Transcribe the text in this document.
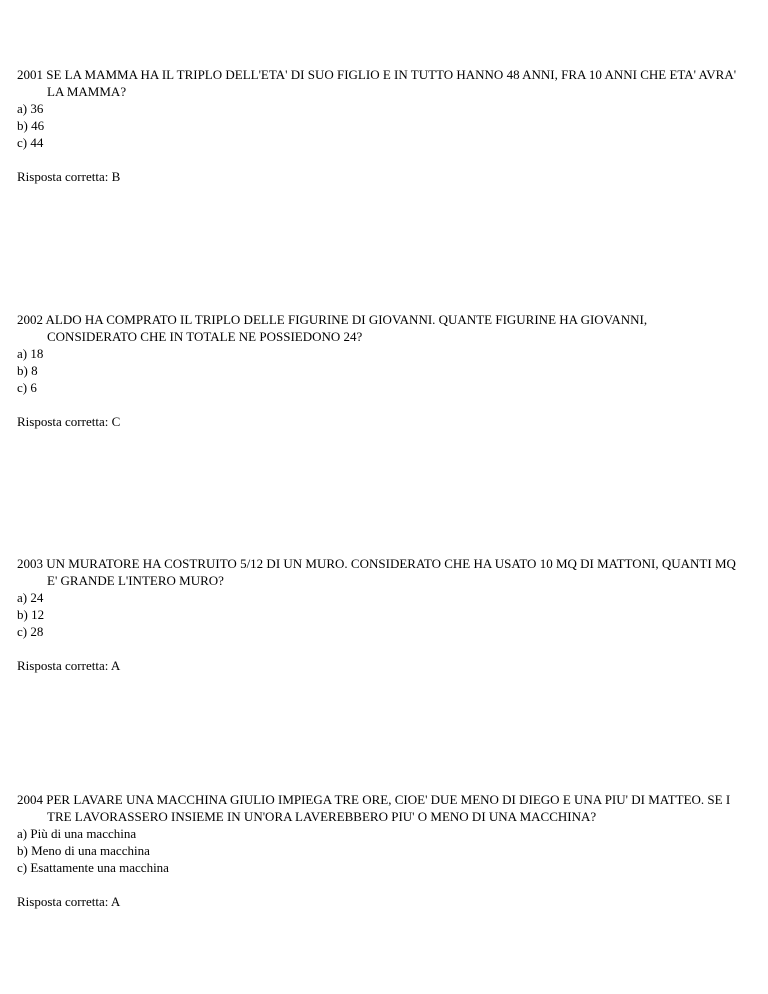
2001 SE LA MAMMA HA IL TRIPLO DELL'ETA' DI SUO FIGLIO E IN TUTTO HANNO 48 ANNI, FRA 10 ANNI CHE ETA' AVRA' LA MAMMA?

a) 36

b) 46

c) 44

Risposta corretta: B

2002 ALDO HA COMPRATO IL TRIPLO DELLE FIGURINE DI GIOVANNI. QUANTE FIGURINE HA GIOVANNI, CONSIDERATO CHE IN TOTALE NE POSSIEDONO 24?

a) 18

b) 8

c) 6

Risposta corretta: C

2003 UN MURATORE HA COSTRUITO 5/12 DI UN MURO. CONSIDERATO CHE HA USATO 10 MQ DI MATTONI, QUANTI MQ E' GRANDE L'INTERO MURO?

a) 24

b) 12

c) 28

Risposta corretta: A

2004 PER LAVARE UNA MACCHINA GIULIO IMPIEGA TRE ORE, CIOE' DUE MENO DI DIEGO E UNA PIU' DI MATTEO. SE I TRE LAVORASSERO INSIEME IN UN'ORA LAVEREBBERO PIU' O MENO DI UNA MACCHINA?

a) Più di una macchina

b) Meno di una macchina

c) Esattamente una macchina

Risposta corretta: A
